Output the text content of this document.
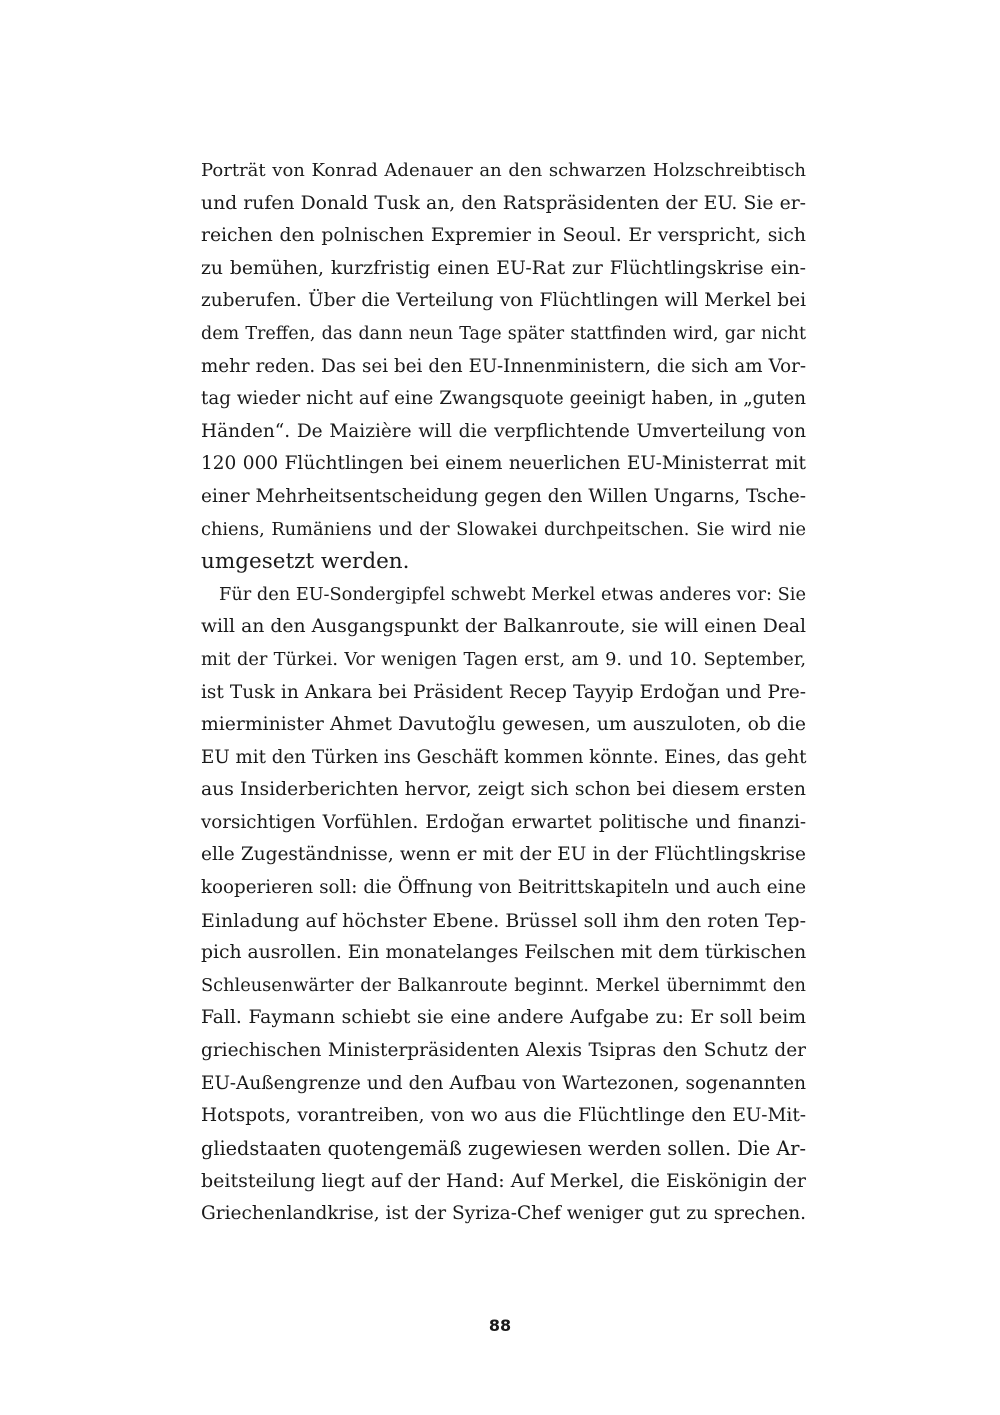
Porträt von Konrad Adenauer an den schwarzen Holzschreibtisch
und rufen Donald Tusk an, den Ratspräsidenten der EU. Sie er-
reichen den polnischen Expremier in Seoul. Er verspricht, sich
zu bemühen, kurzfristig einen EU-Rat zur Flüchtlingskrise ein-
zuberufen. Über die Verteilung von Flüchtlingen will Merkel bei
dem Treffen, das dann neun Tage später stattfinden wird, gar nicht
mehr reden. Das sei bei den EU-Innenministern, die sich am Vor-
tag wieder nicht auf eine Zwangsquote geeinigt haben, in „guten
Händen“. De Maizière will die verpflichtende Umverteilung von
120 000 Flüchtlingen bei einem neuerlichen EU-Ministerrat mit
einer Mehrheitsentscheidung gegen den Willen Ungarns, Tsche-
chiens, Rumäniens und der Slowakei durchpeitschen. Sie wird nie
umgesetzt werden.
Für den EU-Sondergipfel schwebt Merkel etwas anderes vor: Sie
will an den Ausgangspunkt der Balkanroute, sie will einen Deal
mit der Türkei. Vor wenigen Tagen erst, am 9. und 10. September,
ist Tusk in Ankara bei Präsident Recep Tayyip Erdoğan und Pre-
mierminister Ahmet Davutoğlu gewesen, um auszuloten, ob die
EU mit den Türken ins Geschäft kommen könnte. Eines, das geht
aus Insiderberichten hervor, zeigt sich schon bei diesem ersten
vorsichtigen Vorfühlen. Erdoğan erwartet politische und finanzi-
elle Zugeständnisse, wenn er mit der EU in der Flüchtlingskrise
kooperieren soll: die Öffnung von Beitrittskapiteln und auch eine
Einladung auf höchster Ebene. Brüssel soll ihm den roten Tep-
pich ausrollen. Ein monatelanges Feilschen mit dem türkischen
Schleusenwärter der Balkanroute beginnt. Merkel übernimmt den
Fall. Faymann schiebt sie eine andere Aufgabe zu: Er soll beim
griechischen Ministerpräsidenten Alexis Tsipras den Schutz der
EU-Außengrenze und den Aufbau von Wartezonen, sogenannten
Hotspots, vorantreiben, von wo aus die Flüchtlinge den EU-Mit-
gliedstaaten quotengemäß zugewiesen werden sollen. Die Ar-
beitsteilung liegt auf der Hand: Auf Merkel, die Eiskönigin der
Griechenlandkrise, ist der Syriza-Chef weniger gut zu sprechen.
88
